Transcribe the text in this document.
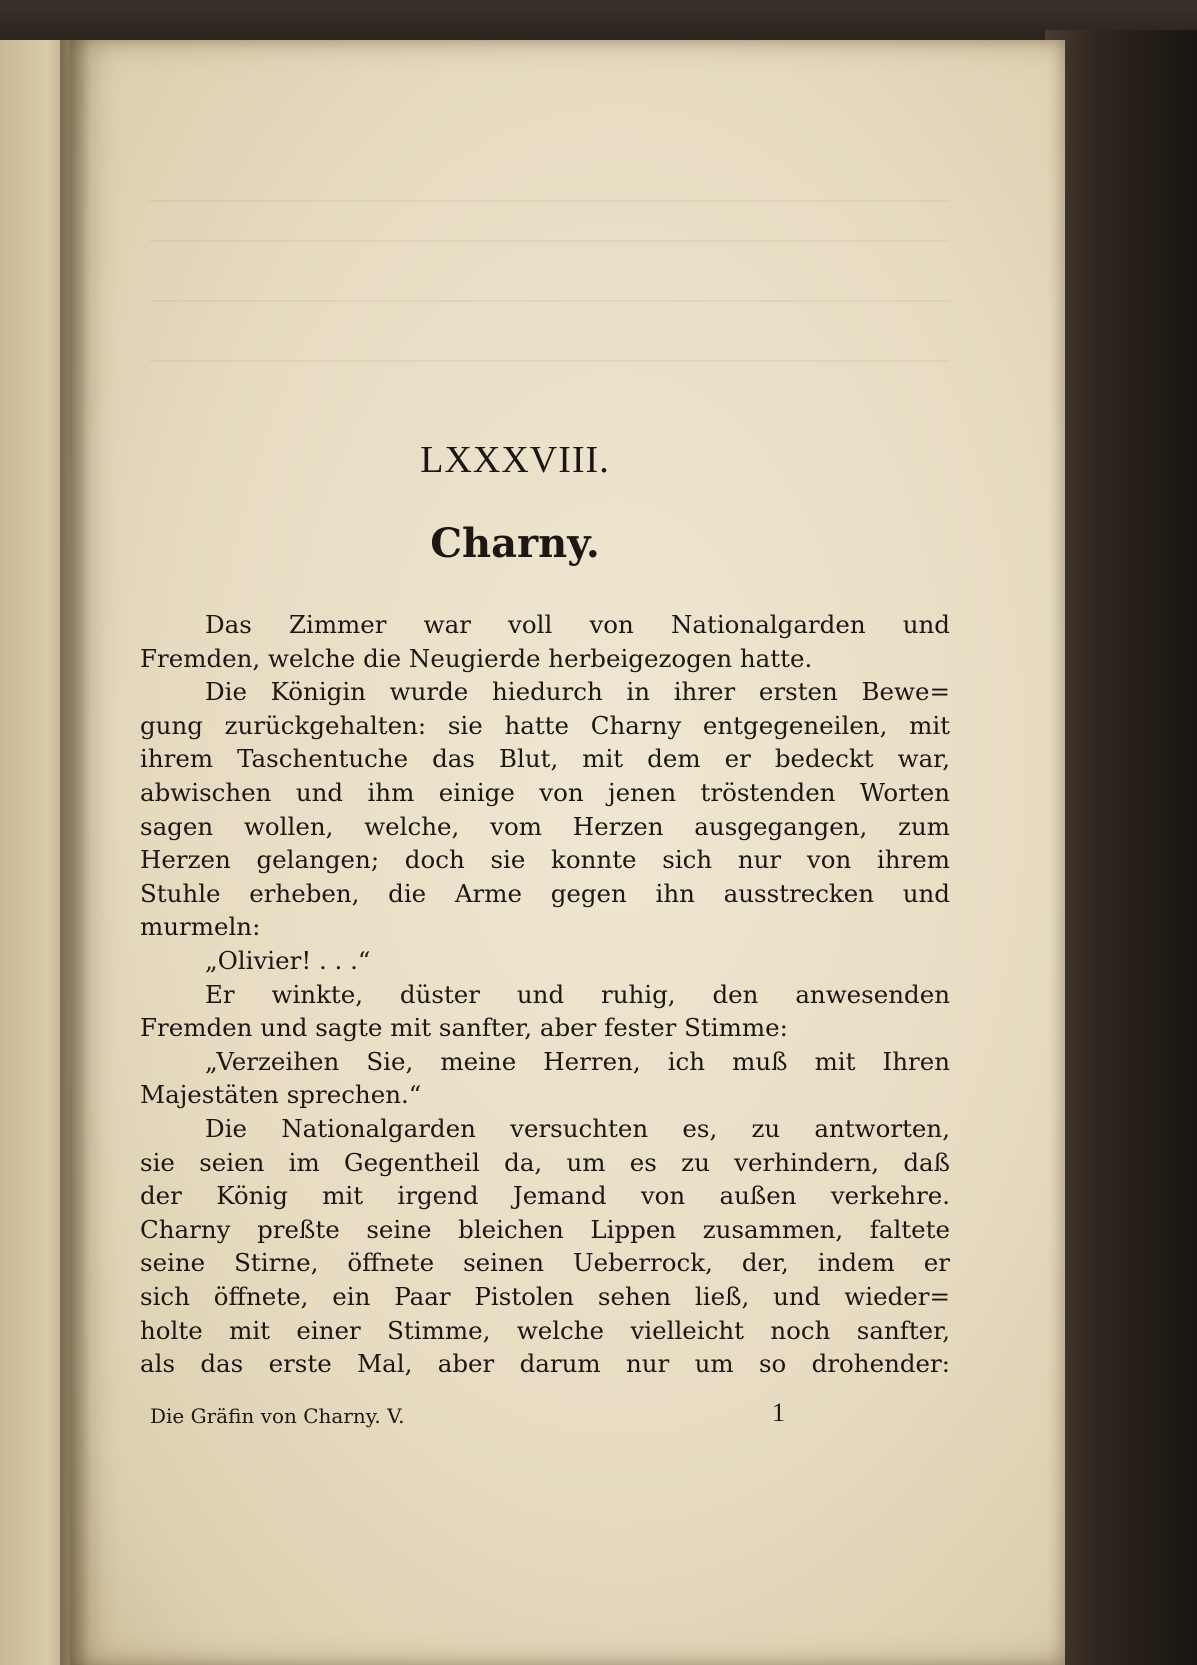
LXXXVIII.
Charny.
Das Zimmer war voll von Nationalgarden und
Fremden, welche die Neugierde herbeigezogen hatte.
Die Königin wurde hiedurch in ihrer ersten Bewe=
gung zurückgehalten: sie hatte Charny entgegeneilen, mit
ihrem Taschentuche das Blut, mit dem er bedeckt war,
abwischen und ihm einige von jenen tröstenden Worten
sagen wollen, welche, vom Herzen ausgegangen, zum
Herzen gelangen; doch sie konnte sich nur von ihrem
Stuhle erheben, die Arme gegen ihn ausstrecken und
murmeln:
„Olivier! . . .“
Er winkte, düster und ruhig, den anwesenden
Fremden und sagte mit sanfter, aber fester Stimme:
„Verzeihen Sie, meine Herren, ich muß mit Ihren
Majestäten sprechen.“
Die Nationalgarden versuchten es, zu antworten,
sie seien im Gegentheil da, um es zu verhindern, daß
der König mit irgend Jemand von außen verkehre.
Charny preßte seine bleichen Lippen zusammen, faltete
seine Stirne, öffnete seinen Ueberrock, der, indem er
sich öffnete, ein Paar Pistolen sehen ließ, und wieder=
holte mit einer Stimme, welche vielleicht noch sanfter,
als das erste Mal, aber darum nur um so drohender:
Die Gräfin von Charny. V.	1
